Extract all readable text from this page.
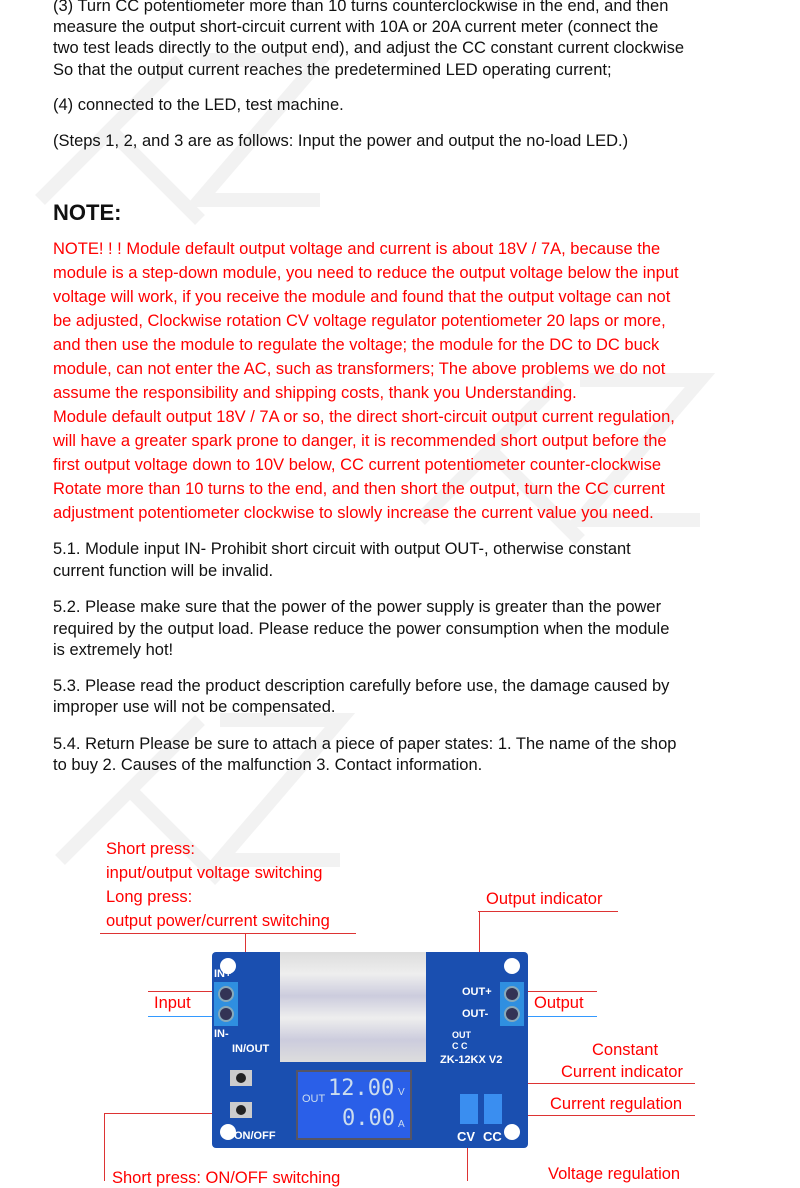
(3) Turn CC potentiometer more than 10 turns counterclockwise in the end, and then
measure the output short-circuit current with 10A or 20A current meter (connect the
two test leads directly to the output end), and adjust the CC constant current clockwise
So that the output current reaches the predetermined LED operating current;
(4) connected to the LED, test machine.
(Steps 1, 2, and 3 are as follows: Input the power and output the no-load LED.)
NOTE:
NOTE! ! ! Module default output voltage and current is about 18V / 7A, because the
module is a step-down module, you need to reduce the output voltage below the input
voltage will work, if you receive the module and found that the output voltage can not
be adjusted, Clockwise rotation CV voltage regulator potentiometer 20 laps or more,
and then use the module to regulate the voltage; the module for the DC to DC buck
module, can not enter the AC, such as transformers; The above problems we do not
assume the responsibility and shipping costs, thank you Understanding.
Module default output 18V / 7A or so, the direct short-circuit output current regulation,
will have a greater spark prone to danger, it is recommended short output before the
first output voltage down to 10V below, CC current potentiometer counter-clockwise
Rotate more than 10 turns to the end, and then short the output, turn the CC current
adjustment potentiometer clockwise to slowly increase the current value you need.
5.1. Module input IN- Prohibit short circuit with output OUT-, otherwise constant
current function will be invalid.
5.2. Please make sure that the power of the power supply is greater than the power
required by the output load. Please reduce the power consumption when the module
is extremely hot!
5.3. Please read the product description carefully before use, the damage caused by
improper use will not be compensated.
5.4. Return Please be sure to attach a piece of paper states: 1. The name of the shop
to buy 2. Causes of the malfunction 3. Contact information.
Short press:
input/output voltage switching
Long press:
output power/current switching
Output indicator
Input	Output
Constant
Current indicator
Current regulation
Short press: ON/OFF switching	Voltage regulation
IN+
IN-
IN/OUT
ON/OFF
OUT+
OUT-
OUT
C C
ZK-12KX V2
OUT 12.00 V
0.00 A
CV CC
